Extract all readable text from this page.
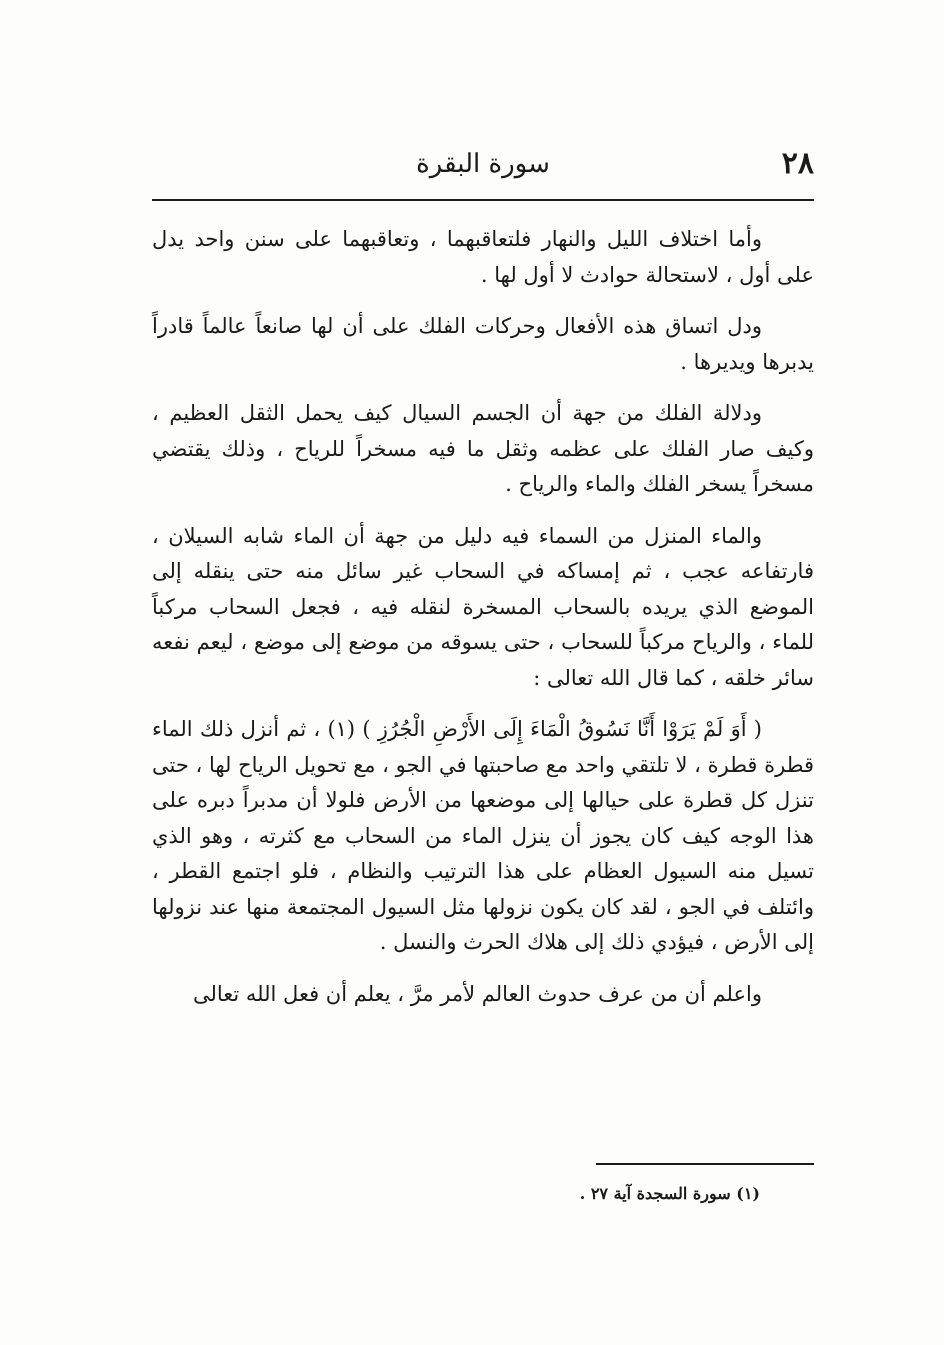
٢٨
سورة البقرة

وأما اختلاف الليل والنهار فلتعاقبهما ، وتعاقبهما على سنن واحد يدل على أول ، لاستحالة حوادث لا أول لها .

ودل اتساق هذه الأفعال وحركات الفلك على أن لها صانعاً عالماً قادراً يدبرها ويديرها .

ودلالة الفلك من جهة أن الجسم السيال كيف يحمل الثقل العظيم ، وكيف صار الفلك على عظمه وثقل ما فيه مسخراً للرياح ، وذلك يقتضي مسخراً يسخر الفلك والماء والرياح .

والماء المنزل من السماء فيه دليل من جهة أن الماء شابه السيلان ، فارتفاعه عجب ، ثم إمساكه في السحاب غير سائل منه حتى ينقله إلى الموضع الذي يريده بالسحاب المسخرة لنقله فيه ، فجعل السحاب مركباً للماء ، والرياح مركباً للسحاب ، حتى يسوقه من موضع إلى موضع ، ليعم نفعه سائر خلقه ، كما قال الله تعالى :

( أَوَ لَمْ يَرَوْا أَنَّا نَسُوقُ الْمَاءَ إِلَى الأَرْضِ الْجُرُزِ ) (١) ، ثم أنزل ذلك الماء قطرة قطرة ، لا تلتقي واحد مع صاحبتها في الجو ، مع تحويل الرياح لها ، حتى تنزل كل قطرة على حيالها إلى موضعها من الأرض فلولا أن مدبراً دبره على هذا الوجه كيف كان يجوز أن ينزل الماء من السحاب مع كثرته ، وهو الذي تسيل منه السيول العظام على هذا الترتيب والنظام ، فلو اجتمع القطر ، وائتلف في الجو ، لقد كان يكون نزولها مثل السيول المجتمعة منها عند نزولها إلى الأرض ، فيؤدي ذلك إلى هلاك الحرث والنسل .

واعلم أن من عرف حدوث العالم لأمر مرَّ ، يعلم أن فعل الله تعالى

(١) سورة السجدة آية ٢٧ .
